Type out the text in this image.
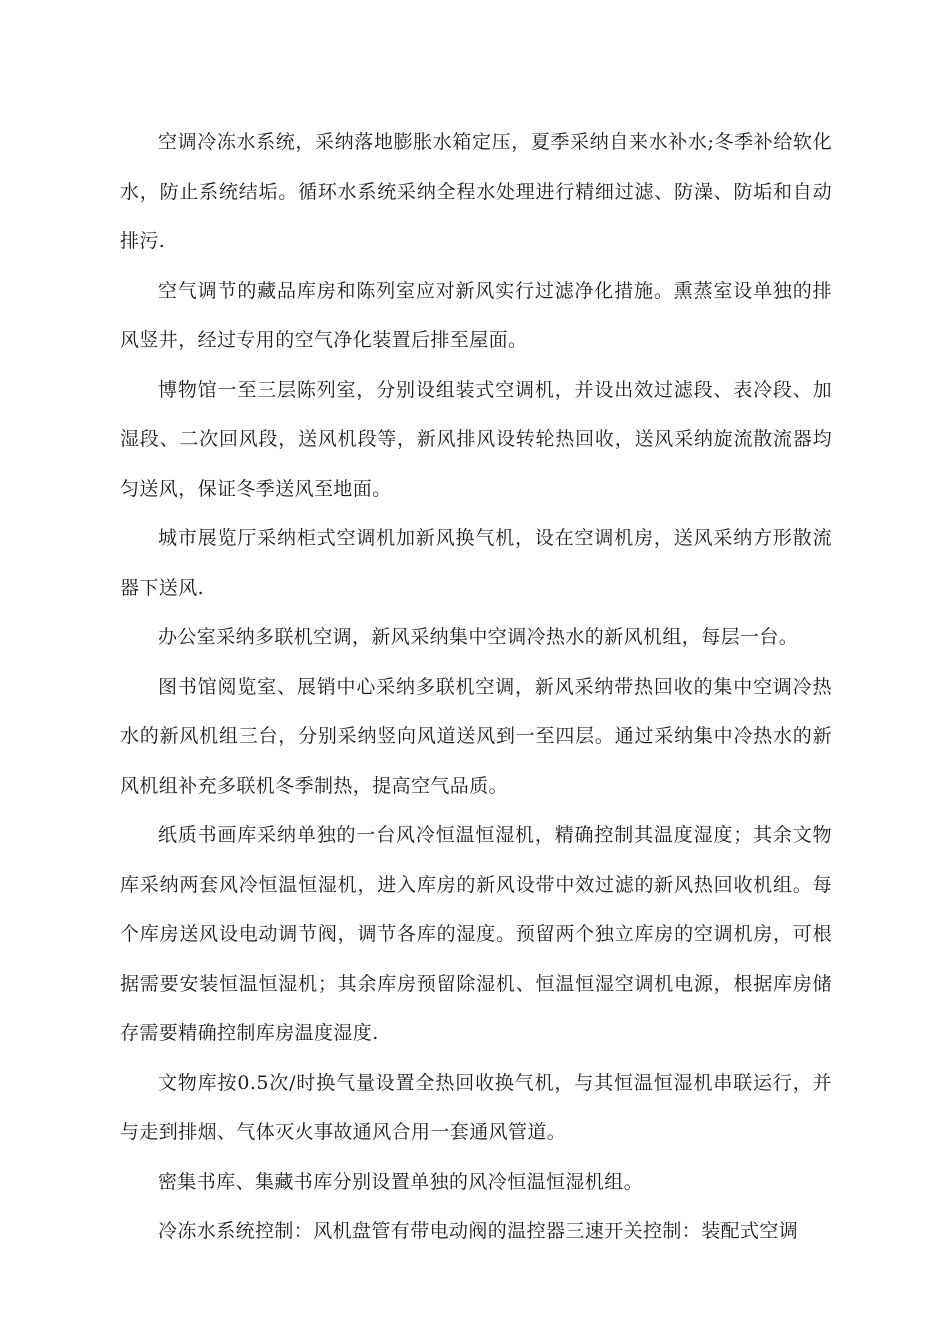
空调冷冻水系统，采纳落地膨胀水箱定压，夏季采纳自来水补水;冬季补给软化水，防止系统结垢。循环水系统采纳全程水处理进行精细过滤、防澡、防垢和自动排污.

空气调节的藏品库房和陈列室应对新风实行过滤净化措施。熏蒸室设单独的排风竖井，经过专用的空气净化装置后排至屋面。

博物馆一至三层陈列室，分别设组装式空调机，并设出效过滤段、表冷段、加湿段、二次回风段，送风机段等，新风排风设转轮热回收，送风采纳旋流散流器均匀送风，保证冬季送风至地面。

城市展览厅采纳柜式空调机加新风换气机，设在空调机房，送风采纳方形散流器下送风.

办公室采纳多联机空调，新风采纳集中空调冷热水的新风机组，每层一台。

图书馆阅览室、展销中心采纳多联机空调，新风采纳带热回收的集中空调冷热水的新风机组三台，分别采纳竖向风道送风到一至四层。通过采纳集中冷热水的新风机组补充多联机冬季制热，提高空气品质。

纸质书画库采纳单独的一台风冷恒温恒湿机，精确控制其温度湿度；其余文物库采纳两套风冷恒温恒湿机，进入库房的新风设带中效过滤的新风热回收机组。每个库房送风设电动调节阀，调节各库的湿度。预留两个独立库房的空调机房，可根据需要安装恒温恒湿机；其余库房预留除湿机、恒温恒湿空调机电源，根据库房储存需要精确控制库房温度湿度.

文物库按0.5次/时换气量设置全热回收换气机，与其恒温恒湿机串联运行，并与走到排烟、气体灭火事故通风合用一套通风管道。

密集书库、集藏书库分别设置单独的风冷恒温恒湿机组。

冷冻水系统控制：风机盘管有带电动阀的温控器三速开关控制：装配式空调
